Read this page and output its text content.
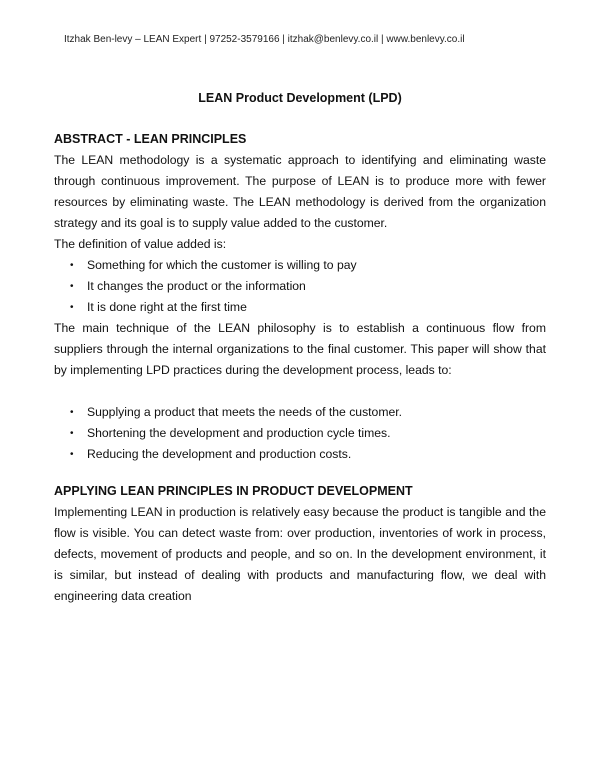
Itzhak Ben-levy – LEAN Expert | 97252-3579166 | itzhak@benlevy.co.il | www.benlevy.co.il
LEAN Product Development (LPD)

ABSTRACT - LEAN PRINCIPLES

The LEAN methodology is a systematic approach to identifying and eliminating waste through continuous improvement. The purpose of LEAN is to produce more with fewer resources by eliminating waste. The LEAN methodology is derived from the organization strategy and its goal is to supply value added to the customer.

The definition of value added is:

• Something for which the customer is willing to pay
• It changes the product or the information
• It is done right at the first time

The main technique of the LEAN philosophy is to establish a continuous flow from suppliers through the internal organizations to the final customer. This paper will show that by implementing LPD practices during the development process, leads to:

• Supplying a product that meets the needs of the customer.
• Shortening the development and production cycle times.
• Reducing the development and production costs.

APPLYING LEAN PRINCIPLES IN PRODUCT DEVELOPMENT

Implementing LEAN in production is relatively easy because the product is tangible and the flow is visible. You can detect waste from: over production, inventories of work in process, defects, movement of products and people, and so on. In the development environment, it is similar, but instead of dealing with products and manufacturing flow, we deal with engineering data creation
